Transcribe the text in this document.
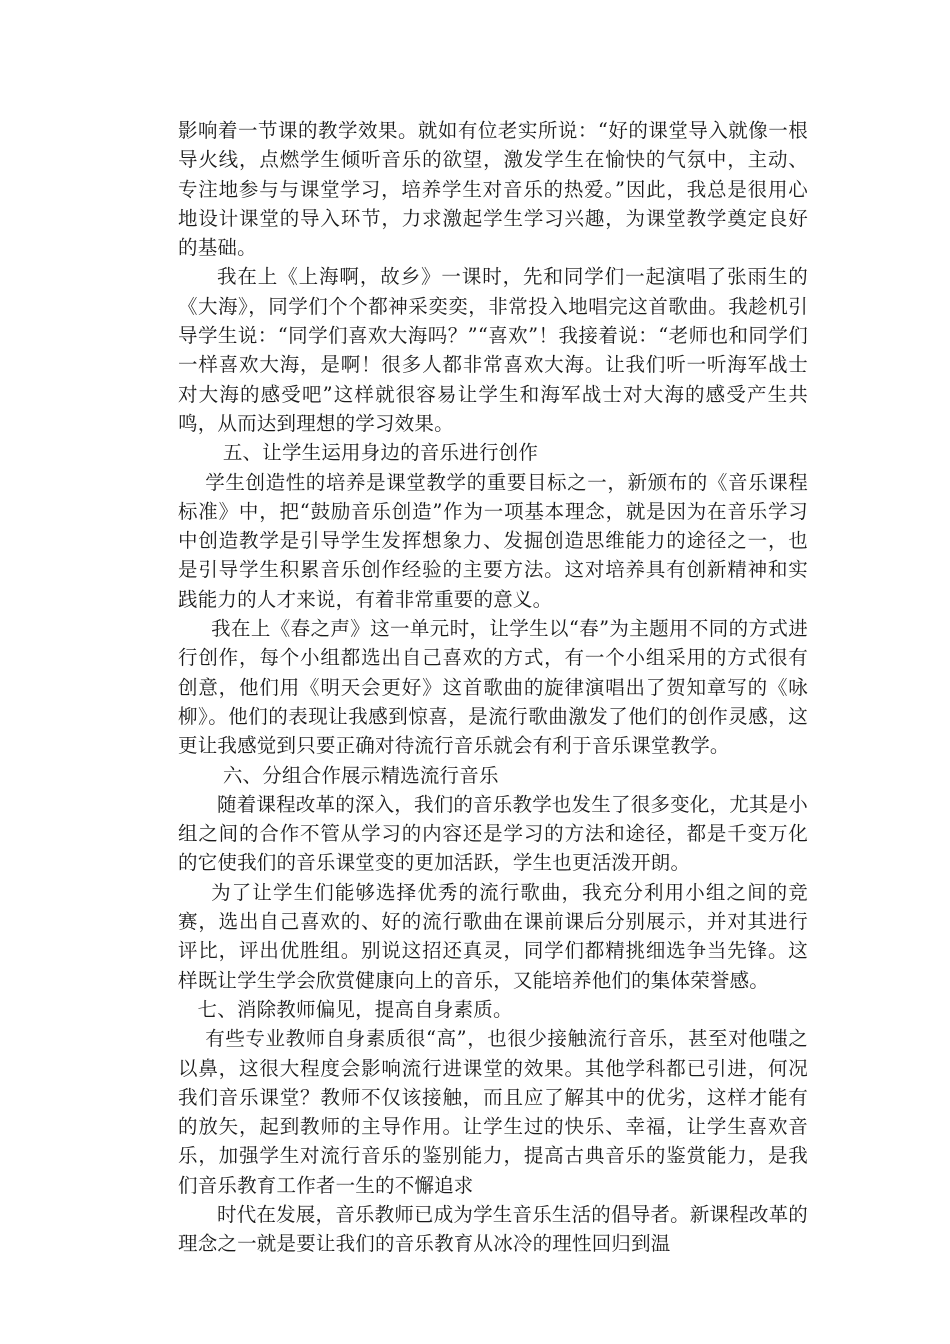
影响着一节课的教学效果。就如有位老实所说：“好的课堂导入就像一根导火线，点燃学生倾听音乐的欲望，激发学生在愉快的气氛中，主动、专注地参与与课堂学习，培养学生对音乐的热爱。”因此，我总是很用心地设计课堂的导入环节，力求激起学生学习兴趣，为课堂教学奠定良好的基础。

我在上《上海啊，故乡》一课时，先和同学们一起演唱了张雨生的《大海》，同学们个个都神采奕奕，非常投入地唱完这首歌曲。我趁机引导学生说：“同学们喜欢大海吗？”“喜欢”！我接着说：“老师也和同学们一样喜欢大海，是啊！很多人都非常喜欢大海。让我们听一听海军战士对大海的感受吧”这样就很容易让学生和海军战士对大海的感受产生共鸣，从而达到理想的学习效果。

五、让学生运用身边的音乐进行创作

学生创造性的培养是课堂教学的重要目标之一，新颁布的《音乐课程标准》中，把“鼓励音乐创造”作为一项基本理念，就是因为在音乐学习中创造教学是引导学生发挥想象力、发掘创造思维能力的途径之一，也是引导学生积累音乐创作经验的主要方法。这对培养具有创新精神和实践能力的人才来说，有着非常重要的意义。

我在上《春之声》这一单元时，让学生以“春”为主题用不同的方式进行创作，每个小组都选出自己喜欢的方式，有一个小组采用的方式很有创意，他们用《明天会更好》这首歌曲的旋律演唱出了贺知章写的《咏柳》。他们的表现让我感到惊喜，是流行歌曲激发了他们的创作灵感，这更让我感觉到只要正确对待流行音乐就会有利于音乐课堂教学。

六、分组合作展示精选流行音乐

随着课程改革的深入，我们的音乐教学也发生了很多变化，尤其是小组之间的合作不管从学习的内容还是学习的方法和途径，都是千变万化的它使我们的音乐课堂变的更加活跃，学生也更活泼开朗。

为了让学生们能够选择优秀的流行歌曲，我充分利用小组之间的竞赛，选出自己喜欢的、好的流行歌曲在课前课后分别展示，并对其进行评比，评出优胜组。别说这招还真灵，同学们都精挑细选争当先锋。这样既让学生学会欣赏健康向上的音乐，又能培养他们的集体荣誉感。

七、消除教师偏见，提高自身素质。

有些专业教师自身素质很“高”，也很少接触流行音乐，甚至对他嗤之以鼻，这很大程度会影响流行进课堂的效果。其他学科都已引进，何况我们音乐课堂？教师不仅该接触，而且应了解其中的优劣，这样才能有的放矢，起到教师的主导作用。让学生过的快乐、幸福，让学生喜欢音乐，加强学生对流行音乐的鉴别能力，提高古典音乐的鉴赏能力，是我们音乐教育工作者一生的不懈追求

时代在发展，音乐教师已成为学生音乐生活的倡导者。新课程改革的理念之一就是要让我们的音乐教育从冰冷的理性回归到温
